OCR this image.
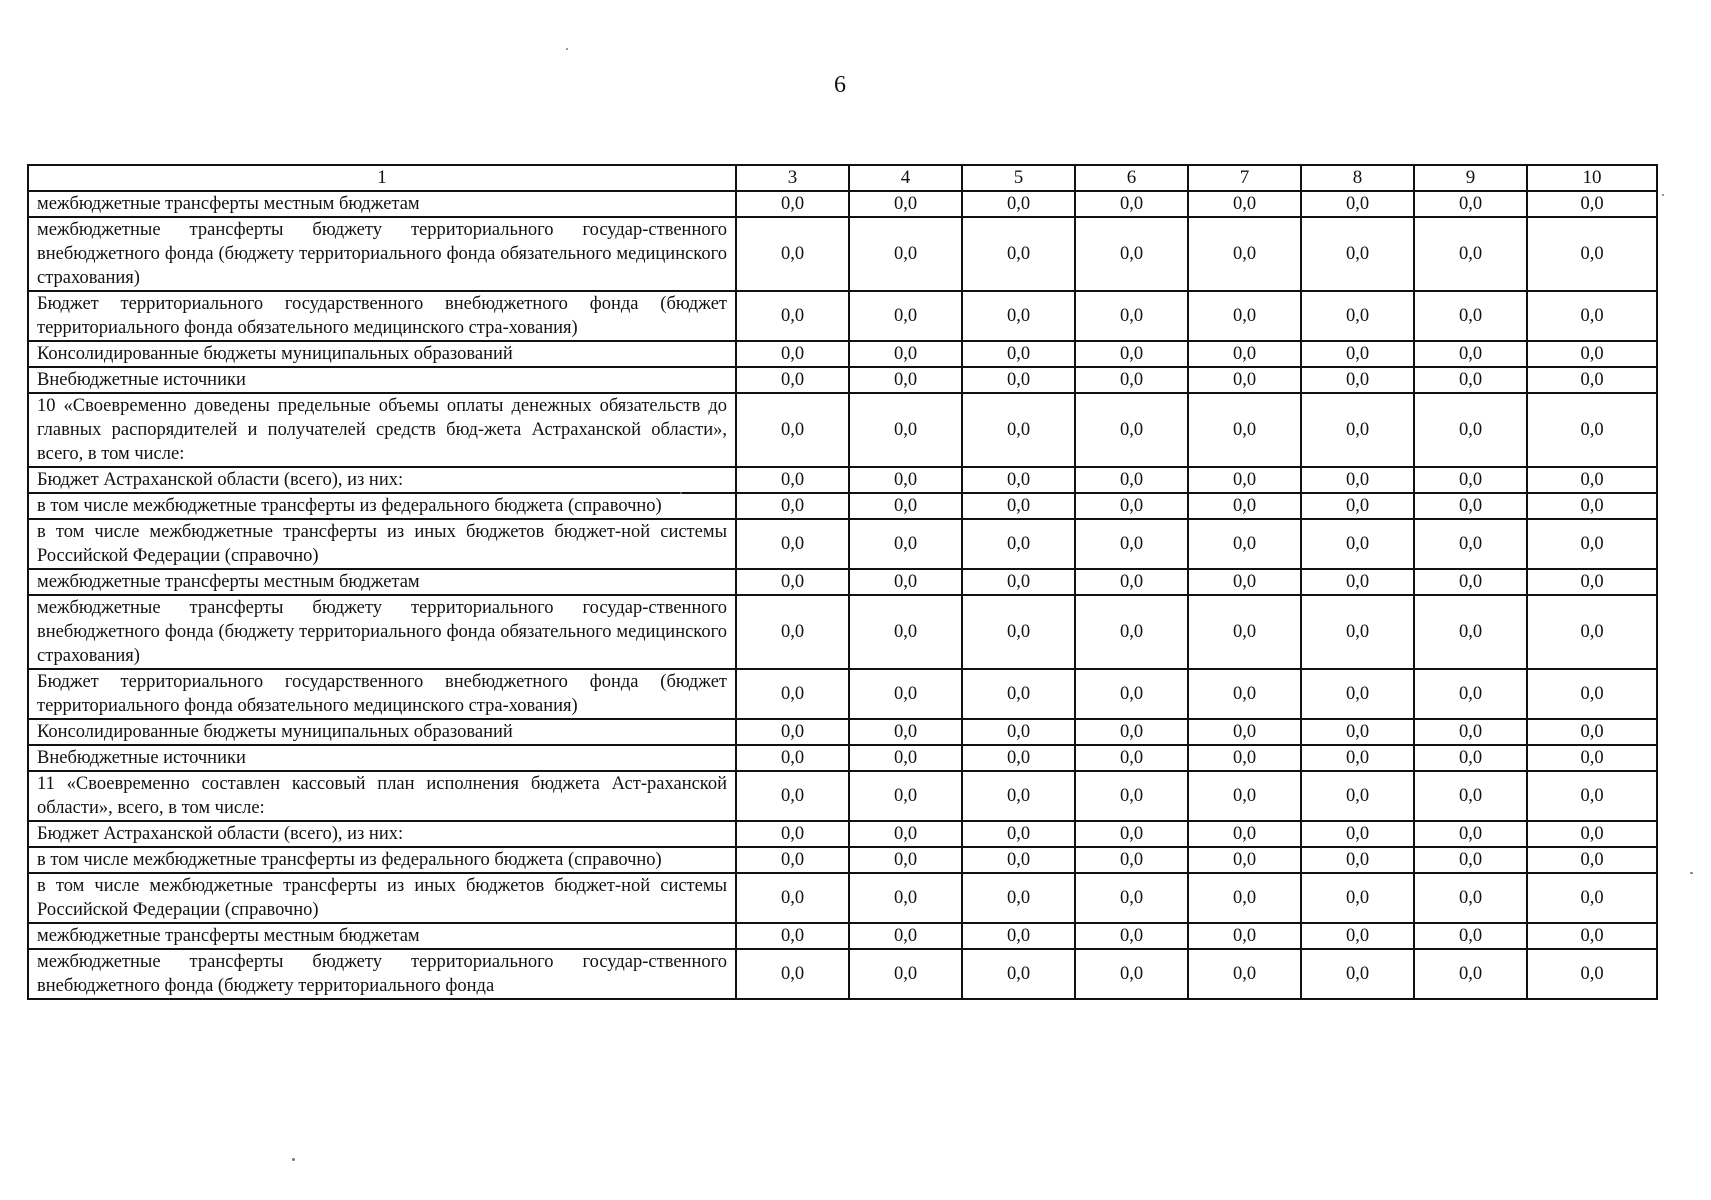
6
1	3	4	5	6	7	8	9	10
межбюджетные трансферты местным бюджетам	0,0	0,0	0,0	0,0	0,0	0,0	0,0	0,0
межбюджетные трансферты бюджету территориального государ-ственного внебюджетного фонда (бюджету территориального фонда обязательного медицинского страхования)	0,0	0,0	0,0	0,0	0,0	0,0	0,0	0,0
Бюджет территориального государственного внебюджетного фонда (бюджет территориального фонда обязательного медицинского стра-хования)	0,0	0,0	0,0	0,0	0,0	0,0	0,0	0,0
Консолидированные бюджеты муниципальных образований	0,0	0,0	0,0	0,0	0,0	0,0	0,0	0,0
Внебюджетные источники	0,0	0,0	0,0	0,0	0,0	0,0	0,0	0,0
10 «Своевременно доведены предельные объемы оплаты денежных обязательств до главных распорядителей и получателей средств бюд-жета Астраханской области», всего, в том числе:	0,0	0,0	0,0	0,0	0,0	0,0	0,0	0,0
Бюджет Астраханской области (всего), из них:	0,0	0,0	0,0	0,0	0,0	0,0	0,0	0,0
в том числе межбюджетные трансферты из федерального бюджета (справочно)	0,0	0,0	0,0	0,0	0,0	0,0	0,0	0,0
в том числе межбюджетные трансферты из иных бюджетов бюджет-ной системы Российской Федерации (справочно)	0,0	0,0	0,0	0,0	0,0	0,0	0,0	0,0
межбюджетные трансферты местным бюджетам	0,0	0,0	0,0	0,0	0,0	0,0	0,0	0,0
межбюджетные трансферты бюджету территориального государ-ственного внебюджетного фонда (бюджету территориального фонда обязательного медицинского страхования)	0,0	0,0	0,0	0,0	0,0	0,0	0,0	0,0
Бюджет территориального государственного внебюджетного фонда (бюджет территориального фонда обязательного медицинского стра-хования)	0,0	0,0	0,0	0,0	0,0	0,0	0,0	0,0
Консолидированные бюджеты муниципальных образований	0,0	0,0	0,0	0,0	0,0	0,0	0,0	0,0
Внебюджетные источники	0,0	0,0	0,0	0,0	0,0	0,0	0,0	0,0
11 «Своевременно составлен кассовый план исполнения бюджета Аст-раханской области», всего, в том числе:	0,0	0,0	0,0	0,0	0,0	0,0	0,0	0,0
Бюджет Астраханской области (всего), из них:	0,0	0,0	0,0	0,0	0,0	0,0	0,0	0,0
в том числе межбюджетные трансферты из федерального бюджета (справочно)	0,0	0,0	0,0	0,0	0,0	0,0	0,0	0,0
в том числе межбюджетные трансферты из иных бюджетов бюджет-ной системы Российской Федерации (справочно)	0,0	0,0	0,0	0,0	0,0	0,0	0,0	0,0
межбюджетные трансферты местным бюджетам	0,0	0,0	0,0	0,0	0,0	0,0	0,0	0,0
межбюджетные трансферты бюджету территориального государ-ственного внебюджетного фонда (бюджету территориального фонда	0,0	0,0	0,0	0,0	0,0	0,0	0,0	0,0
